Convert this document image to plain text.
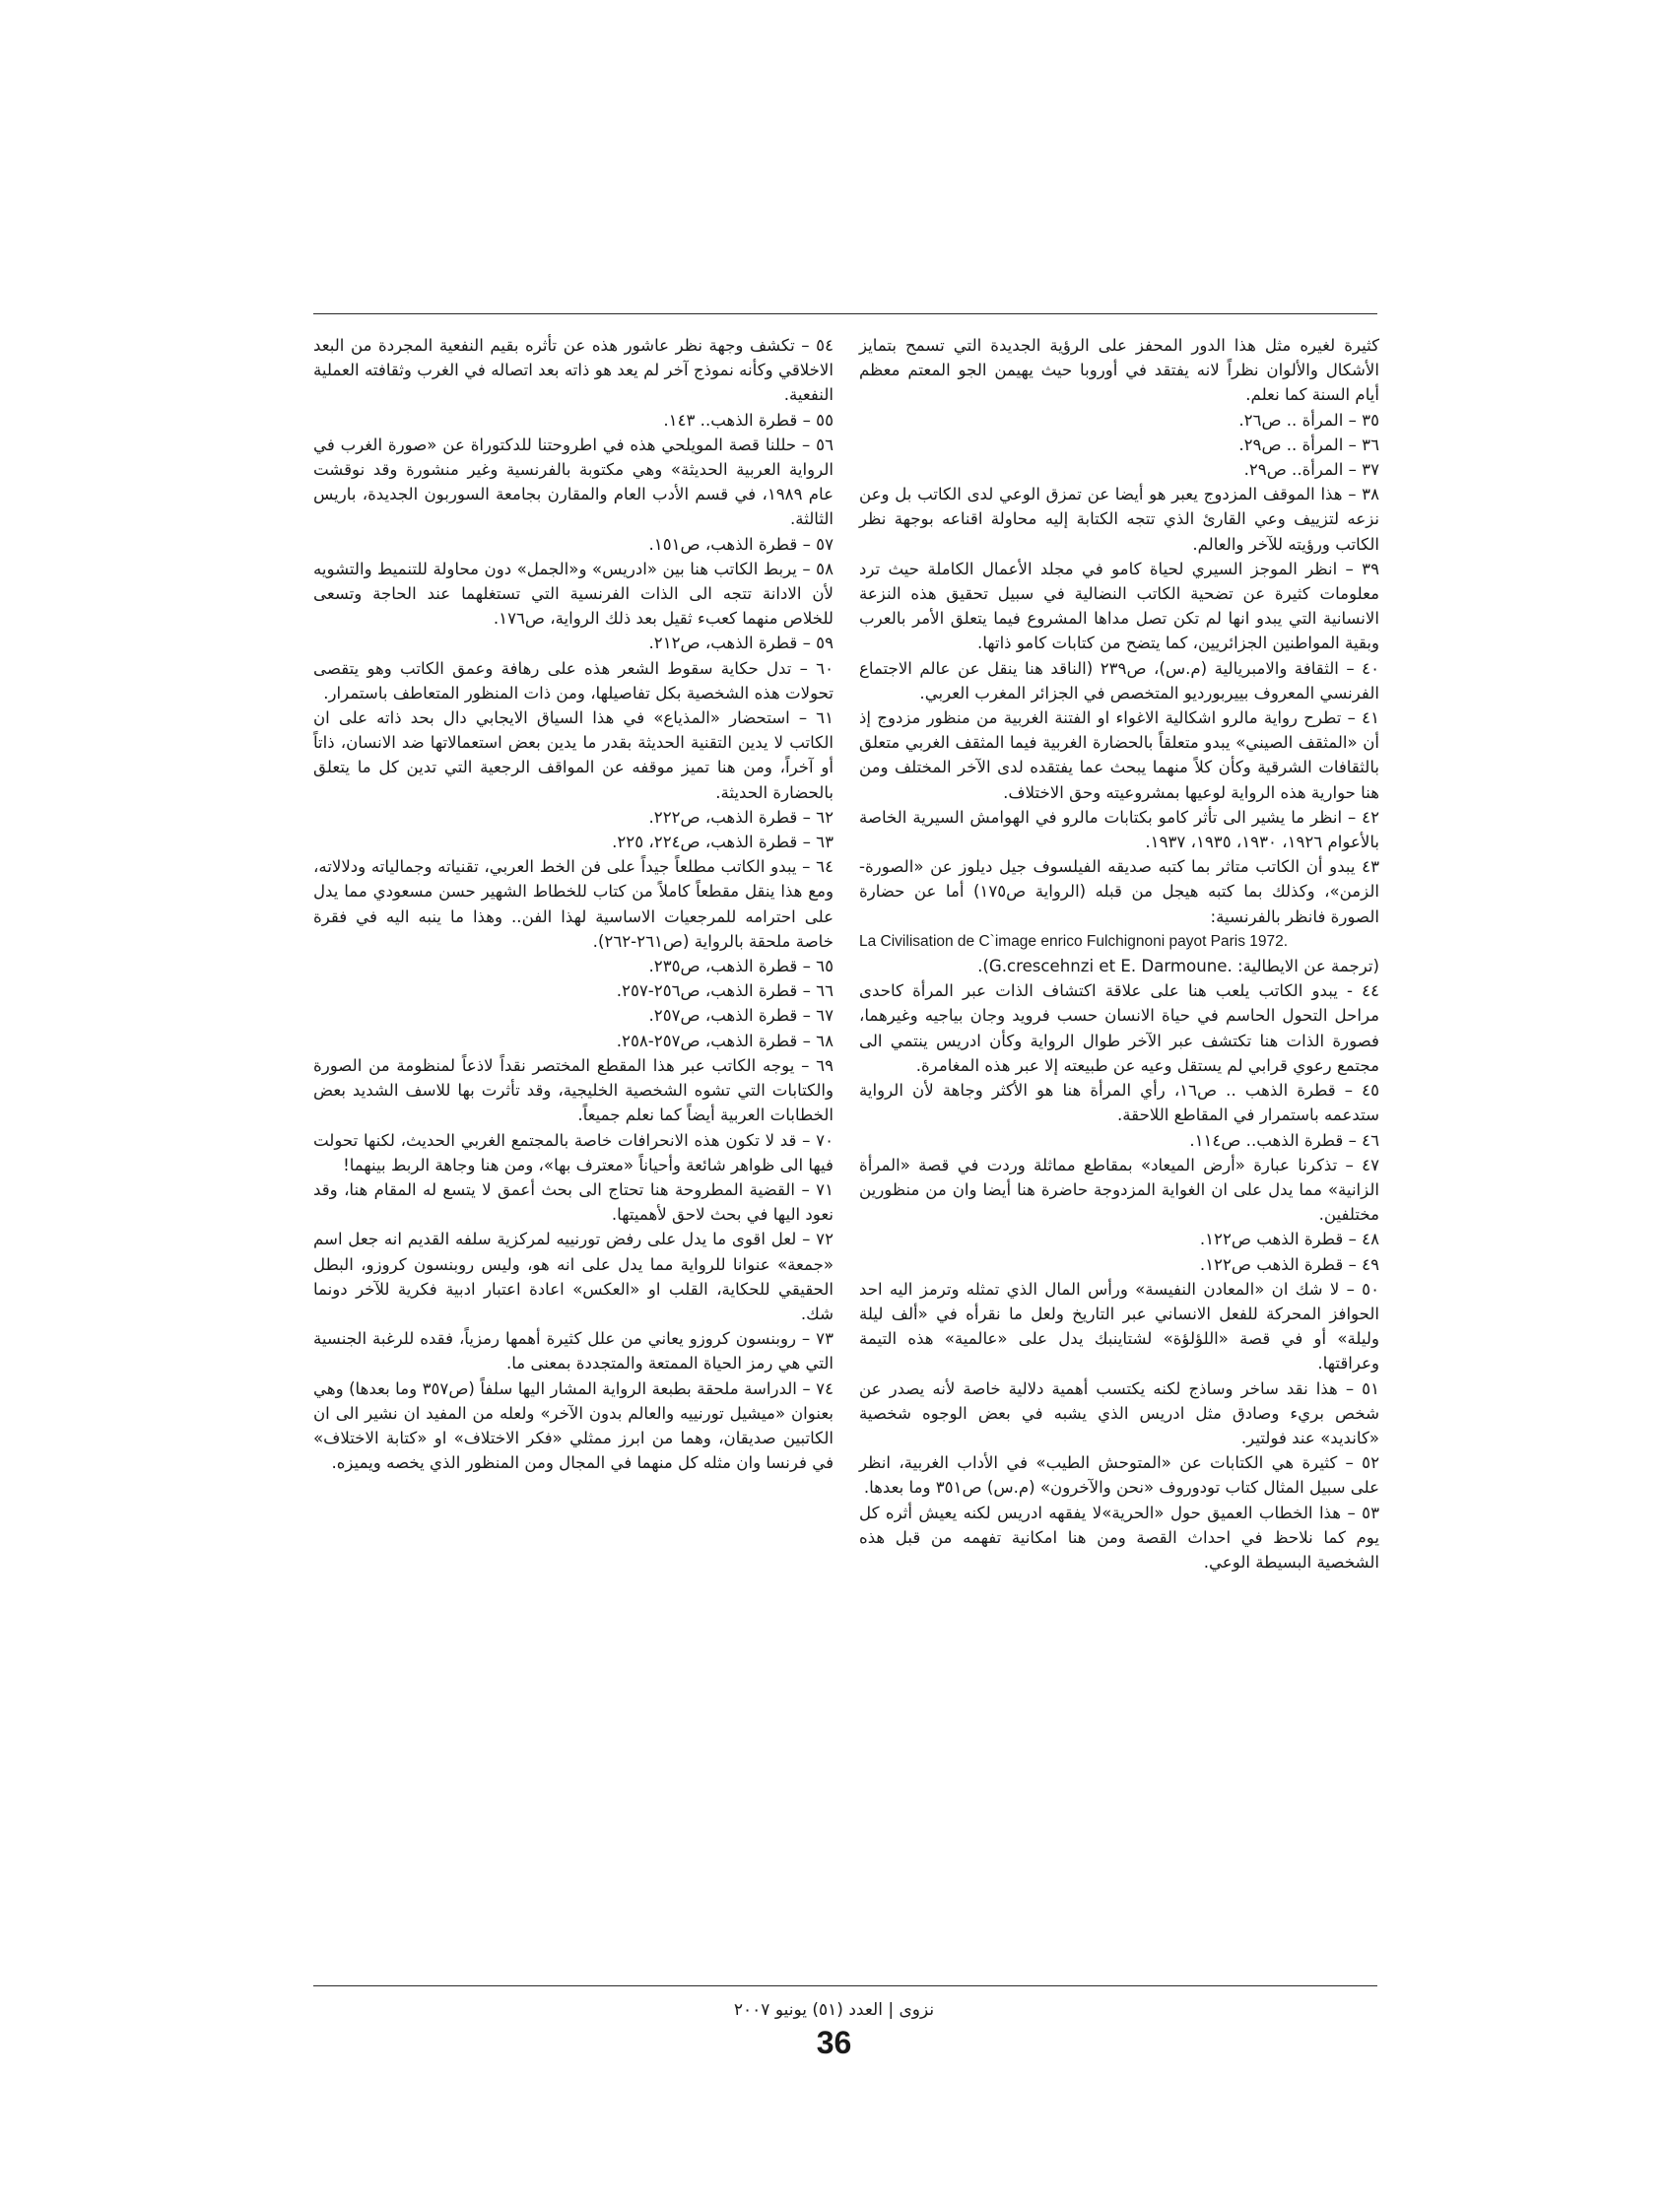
كثيرة لغيره مثل هذا الدور المحفز على الرؤية الجديدة التي تسمح بتمايز الأشكال والألوان نظراً لانه يفتقد في أوروبا حيث يهيمن الجو المعتم معظم أيام السنة كما نعلم.

٣٥ – المرأة .. ص٢٦.

٣٦ – المرأة .. ص٢٩.

٣٧ – المرأة.. ص٢٩.

٣٨ – هذا الموقف المزدوج يعبر هو أيضا عن تمزق الوعي لدى الكاتب بل وعن نزعه لتزييف وعي القارئ الذي تتجه الكتابة إليه محاولة اقناعه بوجهة نظر الكاتب ورؤيته للآخر والعالم.

٣٩ – انظر الموجز السيري لحياة كامو في مجلد الأعمال الكاملة حيث ترد معلومات كثيرة عن تضحية الكاتب النضالية في سبيل تحقيق هذه النزعة الانسانية التي يبدو انها لم تكن تصل مداها المشروع فيما يتعلق الأمر بالعرب وبقية المواطنين الجزائريين، كما يتضح من كتابات كامو ذاتها.

٤٠ – الثقافة والامبريالية (م.س)، ص٢٣٩ (الناقد هنا ينقل عن عالم الاجتماع الفرنسي المعروف بييربورديو المتخصص في الجزائر المغرب العربي.

٤١ – تطرح رواية مالرو اشكالية الاغواء او الفتنة الغربية من منظور مزدوج إذ أن «المثقف الصيني» يبدو متعلقاً بالحضارة الغربية فيما المثقف الغربي متعلق بالثقافات الشرقية وكأن كلاً منهما يبحث عما يفتقده لدى الآخر المختلف ومن هنا حوارية هذه الرواية لوعيها بمشروعيته وحق الاختلاف.

٤٢ – انظر ما يشير الى تأثر كامو بكتابات مالرو في الهوامش السيرية الخاصة بالأعوام ١٩٢٦، ١٩٣٠، ١٩٣٥، ١٩٣٧.

٤٣ يبدو أن الكاتب متاثر بما كتبه صديقه الفيلسوف جيل ديلوز عن «الصورة- الزمن»، وكذلك بما كتبه هيجل من قبله (الرواية ص١٧٥) أما عن حضارة الصورة فانظر بالفرنسية:

La Civilisation de C`image enrico Fulchignoni payot Paris 1972.

(ترجمة عن الايطالية: .G.crescehnzi et E. Darmoune).

٤٤ - يبدو الكاتب يلعب هنا على علاقة اكتشاف الذات عبر المرأة كاحدى مراحل التحول الحاسم في حياة الانسان حسب فرويد وجان بياجيه وغيرهما، فصورة الذات هنا تكتشف عبر الآخر طوال الرواية وكأن ادريس ينتمي الى مجتمع رعوي قرابي لم يستقل وعيه عن طبيعته إلا عبر هذه المغامرة.

٤٥ – قطرة الذهب .. ص١٦، رأي المرأة هنا هو الأكثر وجاهة لأن الرواية ستدعمه باستمرار في المقاطع اللاحقة.

٤٦ – قطرة الذهب.. ص١١٤.

٤٧ – تذكرنا عبارة «أرض الميعاد» بمقاطع مماثلة وردت في قصة «المرأة الزانية» مما يدل على ان الغواية المزدوجة حاضرة هنا أيضا وان من منظورين مختلفين.

٤٨ – قطرة الذهب ص١٢٢.

٤٩ – قطرة الذهب ص١٢٢.

٥٠ – لا شك ان «المعادن النفيسة» ورأس المال الذي تمثله وترمز اليه احد الحوافز المحركة للفعل الانساني عبر التاريخ ولعل ما نقرأه في «ألف ليلة وليلة» أو في قصة «اللؤلؤة» لشتاينبك يدل على «عالمية» هذه التيمة وعراقتها.

٥١ – هذا نقد ساخر وساذج لكنه يكتسب أهمية دلالية خاصة لأنه يصدر عن شخص بريء وصادق مثل ادريس الذي يشبه في بعض الوجوه شخصية «كانديد» عند فولتير.

٥٢ – كثيرة هي الكتابات عن «المتوحش الطيب» في الأداب الغربية، انظر على سبيل المثال كتاب تودوروف «نحن والآخرون» (م.س) ص٣٥١ وما بعدها.

٥٣ – هذا الخطاب العميق حول «الحرية»لا يفقهه ادريس لكنه يعيش أثره كل يوم كما نلاحظ في احداث القصة ومن هنا امكانية تفهمه من قبل هذه الشخصية البسيطة الوعي.

٥٤ – تكشف وجهة نظر عاشور هذه عن تأثره بقيم النفعية المجردة من البعد الاخلاقي وكأنه نموذج آخر لم يعد هو ذاته بعد اتصاله في الغرب وثقافته العملية النفعية.

٥٥ – قطرة الذهب.. ١٤٣.

٥٦ – حللنا قصة المويلحي هذه في اطروحتنا للدكتوراة عن «صورة الغرب في الرواية العربية الحديثة» وهي مكتوبة بالفرنسية وغير منشورة وقد نوقشت عام ١٩٨٩، في قسم الأدب العام والمقارن بجامعة السوربون الجديدة، باريس الثالثة.

٥٧ – قطرة الذهب، ص١٥١.

٥٨ – يربط الكاتب هنا بين «ادريس» و«الجمل» دون محاولة للتنميط والتشويه لأن الادانة تتجه الى الذات الفرنسية التي تستغلهما عند الحاجة وتسعى للخلاص منهما كعبء ثقيل بعد ذلك الرواية، ص١٧٦.

٥٩ – قطرة الذهب، ص٢١٢.

٦٠ – تدل حكاية سقوط الشعر هذه على رهافة وعمق الكاتب وهو يتقصى تحولات هذه الشخصية بكل تفاصيلها، ومن ذات المنظور المتعاطف باستمرار.

٦١ – استحضار «المذياع» في هذا السياق الايجابي دال بحد ذاته على ان الكاتب لا يدين التقنية الحديثة بقدر ما يدين بعض استعمالاتها ضد الانسان، ذاتاً أو آخراً، ومن هنا تميز موقفه عن المواقف الرجعية التي تدين كل ما يتعلق بالحضارة الحديثة.

٦٢ – قطرة الذهب، ص٢٢٢.

٦٣ – قطرة الذهب، ص٢٢٤، ٢٢٥.

٦٤ – يبدو الكاتب مطلعاً جيداً على فن الخط العربي، تقنياته وجمالياته ودلالاته، ومع هذا ينقل مقطعاً كاملاً من كتاب للخطاط الشهير حسن مسعودي مما يدل على احترامه للمرجعيات الاساسية لهذا الفن.. وهذا ما ينبه اليه في فقرة خاصة ملحقة بالرواية (ص٢٦١-٢٦٢).

٦٥ – قطرة الذهب، ص٢٣٥.

٦٦ – قطرة الذهب، ص٢٥٦-٢٥٧.

٦٧ – قطرة الذهب، ص٢٥٧.

٦٨ – قطرة الذهب، ص٢٥٧-٢٥٨.

٦٩ – يوجه الكاتب عبر هذا المقطع المختصر نقداً لاذعاً لمنظومة من الصورة والكتابات التي تشوه الشخصية الخليجية، وقد تأثرت بها للاسف الشديد بعض الخطابات العربية أيضاً كما نعلم جميعاً.

٧٠ – قد لا تكون هذه الانحرافات خاصة بالمجتمع الغربي الحديث، لكنها تحولت فيها الى ظواهر شائعة وأحياناً «معترف بها»، ومن هنا وجاهة الربط بينهما!

٧١ – القضية المطروحة هنا تحتاج الى بحث أعمق لا يتسع له المقام هنا، وقد نعود اليها في بحث لاحق لأهميتها.

٧٢ – لعل اقوى ما يدل على رفض تورنييه لمركزية سلفه القديم انه جعل اسم «جمعة» عنوانا للرواية مما يدل على انه هو، وليس روبنسون كروزو، البطل الحقيقي للحكاية، القلب او «العكس» اعادة اعتبار ادبية فكرية للآخر دونما شك.

٧٣ – روبنسون كروزو يعاني من علل كثيرة أهمها رمزياً، فقده للرغبة الجنسية التي هي رمز الحياة الممتعة والمتجددة بمعنى ما.

٧٤ – الدراسة ملحقة بطبعة الرواية المشار اليها سلفاً (ص٣٥٧ وما بعدها) وهي بعنوان «ميشيل تورنييه والعالم بدون الآخر» ولعله من المفيد ان نشير الى ان الكاتبين صديقان، وهما من ابرز ممثلي «فكر الاختلاف» او «كتابة الاختلاف» في فرنسا وان مثله كل منهما في المجال ومن المنظور الذي يخصه ويميزه.

نزوى | العدد (٥١) يونيو ٢٠٠٧
36
